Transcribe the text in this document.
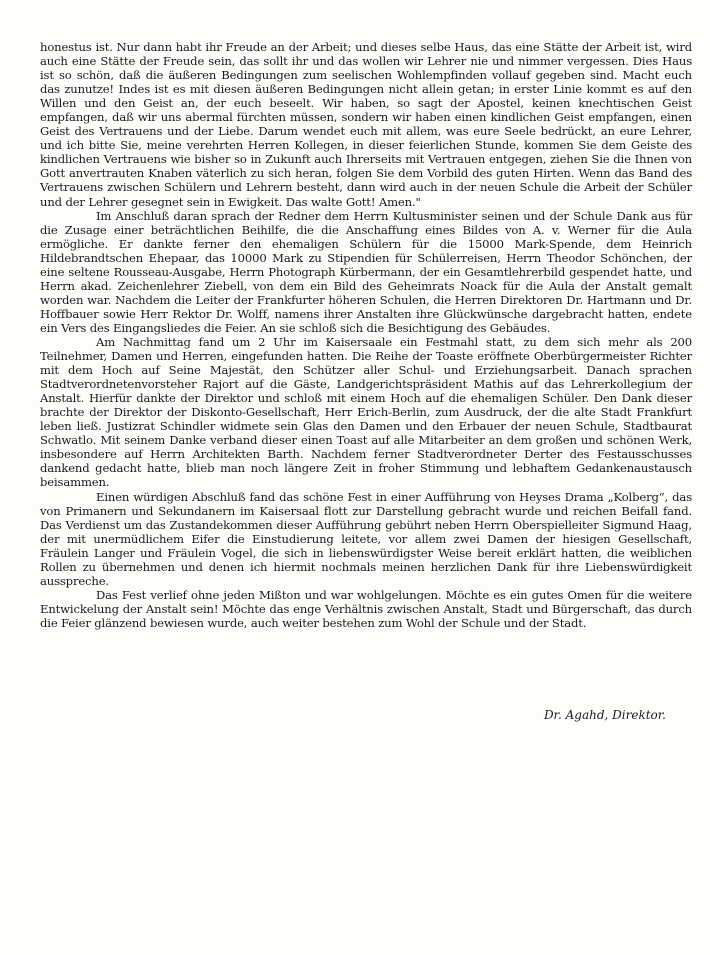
honestus ist. Nur dann habt ihr Freude an der Arbeit; und dieses selbe Haus, das eine Stätte der Arbeit ist, wird auch eine Stätte der Freude sein, das sollt ihr und das wollen wir Lehrer nie und nimmer vergessen. Dies Haus ist so schön, daß die äußeren Bedingungen zum seelischen Wohlempfinden vollauf gegeben sind. Macht euch das zunutze! Indes ist es mit diesen äußeren Bedingungen nicht allein getan; in erster Linie kommt es auf den Willen und den Geist an, der euch beseelt. Wir haben, so sagt der Apostel, keinen knechtischen Geist empfangen, daß wir uns abermal fürchten müssen, sondern wir haben einen kindlichen Geist empfangen, einen Geist des Vertrauens und der Liebe. Darum wendet euch mit allem, was eure Seele bedrückt, an eure Lehrer, und ich bitte Sie, meine verehrten Herren Kollegen, in dieser feierlichen Stunde, kommen Sie dem Geiste des kindlichen Vertrauens wie bisher so in Zukunft auch Ihrerseits mit Vertrauen entgegen, ziehen Sie die Ihnen von Gott anvertrauten Knaben väterlich zu sich heran, folgen Sie dem Vorbild des guten Hirten. Wenn das Band des Vertrauens zwischen Schülern und Lehrern besteht, dann wird auch in der neuen Schule die Arbeit der Schüler und der Lehrer gesegnet sein in Ewigkeit. Das walte Gott! Amen."

Im Anschluß daran sprach der Redner dem Herrn Kultusminister seinen und der Schule Dank aus für die Zusage einer beträchtlichen Beihilfe, die die Anschaffung eines Bildes von A. v. Werner für die Aula ermögliche. Er dankte ferner den ehemaligen Schülern für die 15000 Mark-Spende, dem Heinrich Hildebrandtschen Ehepaar, das 10000 Mark zu Stipendien für Schülerreisen, Herrn Theodor Schönchen, der eine seltene Rousseau-Ausgabe, Herrn Photograph Kürbermann, der ein Gesamtlehrerbild gespendet hatte, und Herrn akad. Zeichenlehrer Ziebell, von dem ein Bild des Geheimrats Noack für die Aula der Anstalt gemalt worden war. Nachdem die Leiter der Frankfurter höheren Schulen, die Herren Direktoren Dr. Hartmann und Dr. Hoffbauer sowie Herr Rektor Dr. Wolff, namens ihrer Anstalten ihre Glückwünsche dargebracht hatten, endete ein Vers des Eingangsliedes die Feier. An sie schloß sich die Besichtigung des Gebäudes.

Am Nachmittag fand um 2 Uhr im Kaisersaale ein Festmahl statt, zu dem sich mehr als 200 Teilnehmer, Damen und Herren, eingefunden hatten. Die Reihe der Toaste eröffnete Oberbürgermeister Richter mit dem Hoch auf Seine Majestät, den Schützer aller Schul- und Erziehungsarbeit. Danach sprachen Stadtverordnetenvorsteher Rajort auf die Gäste, Landgerichtspräsident Mathis auf das Lehrerkollegium der Anstalt. Hierfür dankte der Direktor und schloß mit einem Hoch auf die ehemaligen Schüler. Den Dank dieser brachte der Direktor der Diskonto-Gesellschaft, Herr Erich-Berlin, zum Ausdruck, der die alte Stadt Frankfurt leben ließ. Justizrat Schindler widmete sein Glas den Damen und den Erbauer der neuen Schule, Stadtbaurat Schwatlo. Mit seinem Danke verband dieser einen Toast auf alle Mitarbeiter an dem großen und schönen Werk, insbesondere auf Herrn Architekten Barth. Nachdem ferner Stadtverordneter Derter des Festausschusses dankend gedacht hatte, blieb man noch längere Zeit in froher Stimmung und lebhaftem Gedankenaustausch beisammen.

Einen würdigen Abschluß fand das schöne Fest in einer Aufführung von Heyses Drama „Kolberg“, das von Primanern und Sekundanern im Kaisersaal flott zur Darstellung gebracht wurde und reichen Beifall fand. Das Verdienst um das Zustandekommen dieser Aufführung gebührt neben Herrn Oberspielleiter Sigmund Haag, der mit unermüdlichem Eifer die Einstudierung leitete, vor allem zwei Damen der hiesigen Gesellschaft, Fräulein Langer und Fräulein Vogel, die sich in liebenswürdigster Weise bereit erklärt hatten, die weiblichen Rollen zu übernehmen und denen ich hiermit nochmals meinen herzlichen Dank für ihre Liebenswürdigkeit ausspreche.

Das Fest verlief ohne jeden Mißton und war wohlgelungen. Möchte es ein gutes Omen für die weitere Entwickelung der Anstalt sein! Möchte das enge Verhältnis zwischen Anstalt, Stadt und Bürgerschaft, das durch die Feier glänzend bewiesen wurde, auch weiter bestehen zum Wohl der Schule und der Stadt.

Dr. Agahd, Direktor.
